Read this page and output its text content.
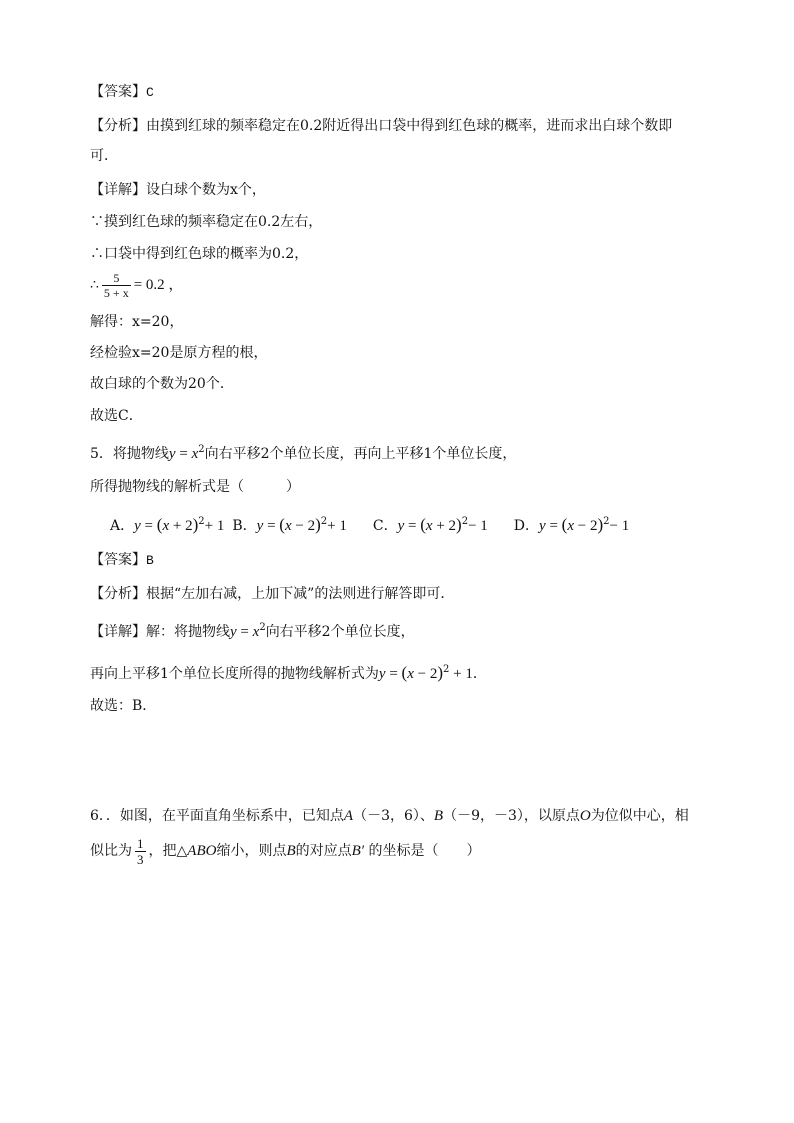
【答案】C
【分析】由摸到红球的频率稳定在0.2附近得出口袋中得到红色球的概率，进而求出白球个数即
可．
【详解】设白球个数为x个，
∵摸到红色球的频率稳定在0.2左右，
∴口袋中得到红色球的概率为0.2，
∴ $\frac{5}{5 + x} = 0.2$ ，
解得：x=20，
经检验x=20是原方程的根，
故白球的个数为20个．
故选C．
5．将抛物线$y = x^2$向右平移2个单位长度，再向上平移1个单位长度，
所得抛物线的解析式是（　　　）
A．$y = (x + 2)^2+ 1$ B．$y = (x - 2)^2+ 1$ C．$y = (x + 2)^2- 1$ D．$y = (x - 2)^2- 1$
【答案】B
【分析】根据“左加右减，上加下减”的法则进行解答即可．
【详解】解：将抛物线$y = x^2$向右平移2个单位长度，
再向上平移1个单位长度所得的抛物线解析式为$y = (x - 2)^2 + 1$．
故选：B．
6．．如图，在平面直角坐标系中，已知点A（－3，6）、B（－9，－3），以原点O为位似中心，相
似比为 $\frac{1}{3}$ ，把△ABO缩小，则点B的对应点B′ 的坐标是（　　）
